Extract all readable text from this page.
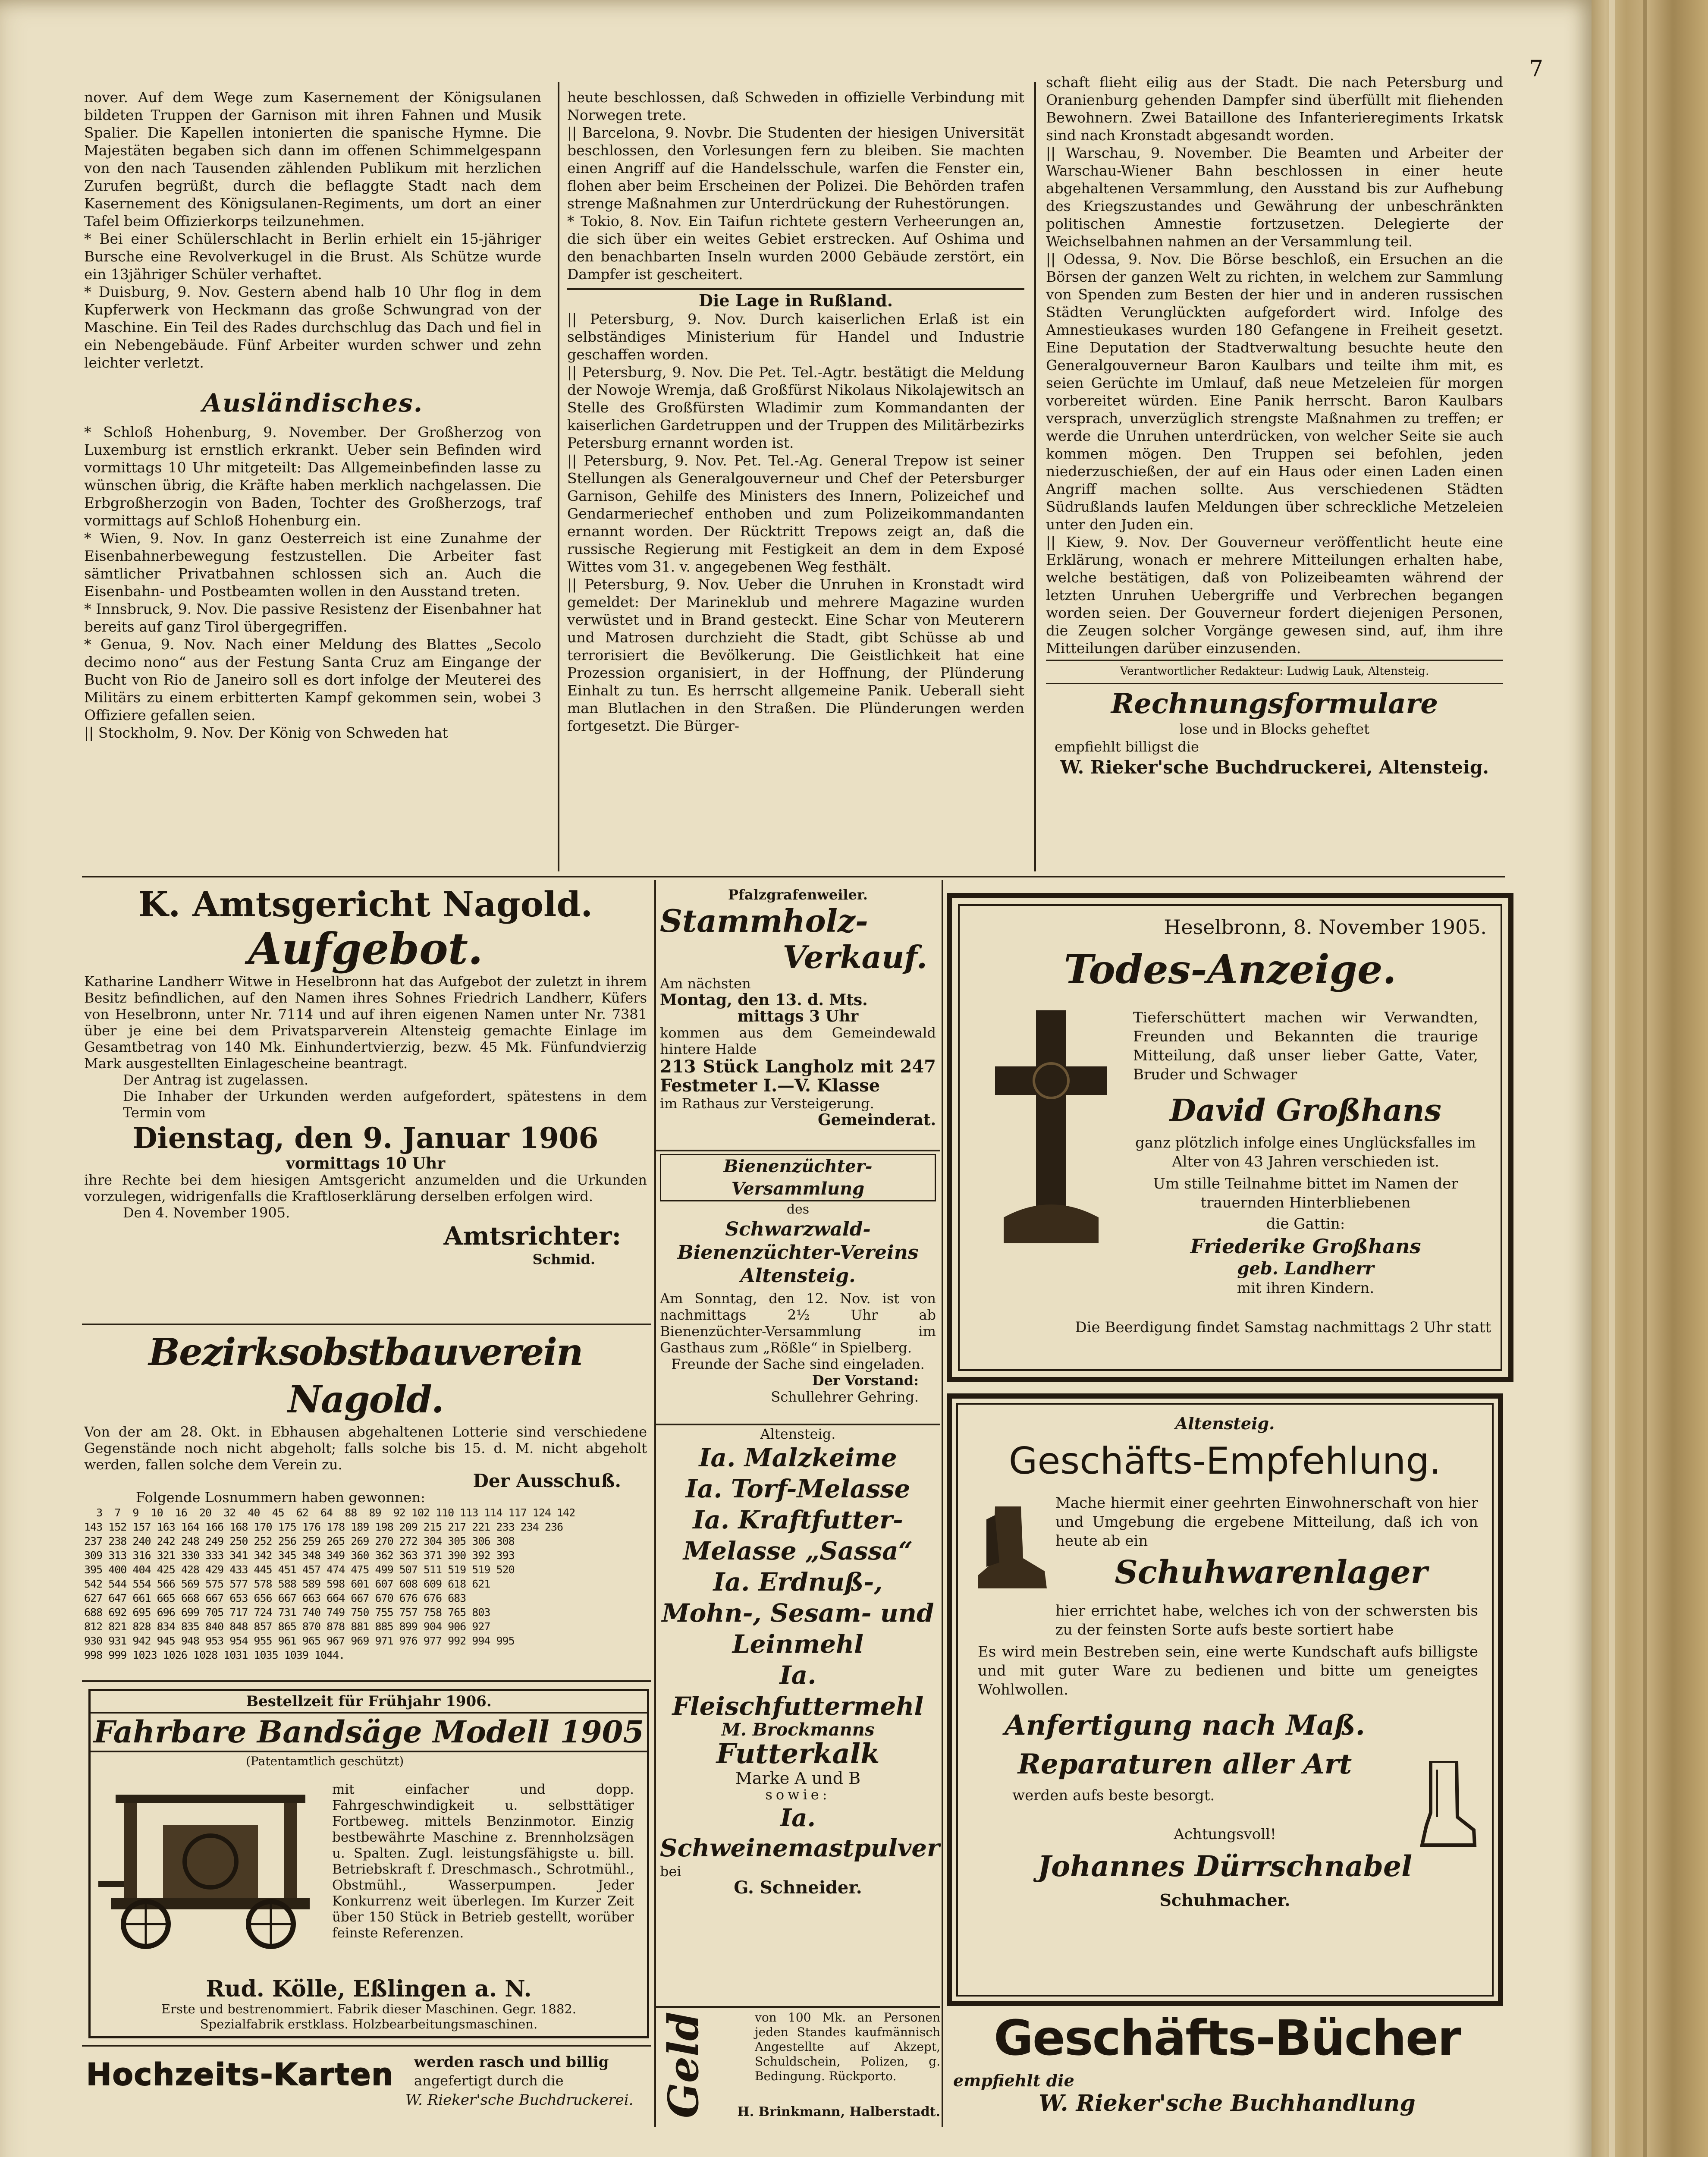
7

nover. Auf dem Wege zum Kasernement der Königsulanen bildeten Truppen der Garnison mit ihren Fahnen und Musik Spalier. Die Kapellen intonierten die spanische Hymne. Die Majestäten begaben sich dann im offenen Schimmelgespann von den nach Tausenden zählenden Publikum mit herzlichen Zurufen begrüßt, durch die beflaggte Stadt nach dem Kasernement des Königsulanen-Regiments, um dort an einer Tafel beim Offizierkorps teilzunehmen.

* Bei einer Schülerschlacht in Berlin erhielt ein 15-jähriger Bursche eine Revolverkugel in die Brust. Als Schütze wurde ein 13jähriger Schüler verhaftet.

* Duisburg, 9. Nov. Gestern abend halb 10 Uhr flog in dem Kupferwerk von Heckmann das große Schwungrad von der Maschine. Ein Teil des Rades durchschlug das Dach und fiel in ein Nebengebäude. Fünf Arbeiter wurden schwer und zehn leichter verletzt.

Ausländisches.

* Schloß Hohenburg, 9. November. Der Großherzog von Luxemburg ist ernstlich erkrankt. Ueber sein Befinden wird vormittags 10 Uhr mitgeteilt: Das Allgemeinbefinden lasse zu wünschen übrig, die Kräfte haben merklich nachgelassen. Die Erbgroßherzogin von Baden, Tochter des Großherzogs, traf vormittags auf Schloß Hohenburg ein.

* Wien, 9. Nov. In ganz Oesterreich ist eine Zunahme der Eisenbahnerbewegung festzustellen. Die Arbeiter fast sämtlicher Privatbahnen schlossen sich an. Auch die Eisenbahn- und Postbeamten wollen in den Ausstand treten.

* Innsbruck, 9. Nov. Die passive Resistenz der Eisenbahner hat bereits auf ganz Tirol übergegriffen.

* Genua, 9. Nov. Nach einer Meldung des Blattes „Secolo decimo nono“ aus der Festung Santa Cruz am Eingange der Bucht von Rio de Janeiro soll es dort infolge der Meuterei des Militärs zu einem erbitterten Kampf gekommen sein, wobei 3 Offiziere gefallen seien.

|| Stockholm, 9. Nov. Der König von Schweden hat

heute beschlossen, daß Schweden in offizielle Verbindung mit Norwegen trete.

|| Barcelona, 9. Novbr. Die Studenten der hiesigen Universität beschlossen, den Vorlesungen fern zu bleiben. Sie machten einen Angriff auf die Handelsschule, warfen die Fenster ein, flohen aber beim Erscheinen der Polizei. Die Behörden trafen strenge Maßnahmen zur Unterdrückung der Ruhestörungen.

* Tokio, 8. Nov. Ein Taifun richtete gestern Verheerungen an, die sich über ein weites Gebiet erstrecken. Auf Oshima und den benachbarten Inseln wurden 2000 Gebäude zerstört, ein Dampfer ist gescheitert.

Die Lage in Rußland.

|| Petersburg, 9. Nov. Durch kaiserlichen Erlaß ist ein selbständiges Ministerium für Handel und Industrie geschaffen worden.

|| Petersburg, 9. Nov. Die Pet. Tel.-Agtr. bestätigt die Meldung der Nowoje Wremja, daß Großfürst Nikolaus Nikolajewitsch an Stelle des Großfürsten Wladimir zum Kommandanten der kaiserlichen Gardetruppen und der Truppen des Militärbezirks Petersburg ernannt worden ist.

|| Petersburg, 9. Nov. Pet. Tel.-Ag. General Trepow ist seiner Stellungen als Generalgouverneur und Chef der Petersburger Garnison, Gehilfe des Ministers des Innern, Polizeichef und Gendarmeriechef enthoben und zum Polizeikommandanten ernannt worden. Der Rücktritt Trepows zeigt an, daß die russische Regierung mit Festigkeit an dem in dem Exposé Wittes vom 31. v. angegebenen Weg festhält.

|| Petersburg, 9. Nov. Ueber die Unruhen in Kronstadt wird gemeldet: Der Marineklub und mehrere Magazine wurden verwüstet und in Brand gesteckt. Eine Schar von Meuterern und Matrosen durchzieht die Stadt, gibt Schüsse ab und terrorisiert die Bevölkerung. Die Geistlichkeit hat eine Prozession organisiert, in der Hoffnung, der Plünderung Einhalt zu tun. Es herrscht allgemeine Panik. Ueberall sieht man Blutlachen in den Straßen. Die Plünderungen werden fortgesetzt. Die Bürger-

schaft flieht eilig aus der Stadt. Die nach Petersburg und Oranienburg gehenden Dampfer sind überfüllt mit fliehenden Bewohnern. Zwei Bataillone des Infanterieregiments Irkatsk sind nach Kronstadt abgesandt worden.

|| Warschau, 9. November. Die Beamten und Arbeiter der Warschau-Wiener Bahn beschlossen in einer heute abgehaltenen Versammlung, den Ausstand bis zur Aufhebung des Kriegszustandes und Gewährung der unbeschränkten politischen Amnestie fortzusetzen. Delegierte der Weichselbahnen nahmen an der Versammlung teil.

|| Odessa, 9. Nov. Die Börse beschloß, ein Ersuchen an die Börsen der ganzen Welt zu richten, in welchem zur Sammlung von Spenden zum Besten der hier und in anderen russischen Städten Verunglückten aufgefordert wird. Infolge des Amnestieukases wurden 180 Gefangene in Freiheit gesetzt. Eine Deputation der Stadtverwaltung besuchte heute den Generalgouverneur Baron Kaulbars und teilte ihm mit, es seien Gerüchte im Umlauf, daß neue Metzeleien für morgen vorbereitet würden. Eine Panik herrscht. Baron Kaulbars versprach, unverzüglich strengste Maßnahmen zu treffen; er werde die Unruhen unterdrücken, von welcher Seite sie auch kommen mögen. Den Truppen sei befohlen, jeden niederzuschießen, der auf ein Haus oder einen Laden einen Angriff machen sollte. Aus verschiedenen Städten Südrußlands laufen Meldungen über schreckliche Metzeleien unter den Juden ein.

|| Kiew, 9. Nov. Der Gouverneur veröffentlicht heute eine Erklärung, wonach er mehrere Mitteilungen erhalten habe, welche bestätigen, daß von Polizeibeamten während der letzten Unruhen Uebergriffe und Verbrechen begangen worden seien. Der Gouverneur fordert diejenigen Personen, die Zeugen solcher Vorgänge gewesen sind, auf, ihm ihre Mitteilungen darüber einzusenden.

Verantwortlicher Redakteur: Ludwig Lauk, Altensteig.
Rechnungsformulare
lose und in Blocks geheftet
empfiehlt billigst die
W. Rieker'sche Buchdruckerei, Altensteig.
K. Amtsgericht Nagold.
Aufgebot.

Katharine Landherr Witwe in Heselbronn hat das Aufgebot der zuletzt in ihrem Besitz befindlichen, auf den Namen ihres Sohnes Friedrich Landherr, Küfers von Heselbronn, unter Nr. 7114 und auf ihren eigenen Namen unter Nr. 7381 über je eine bei dem Privatsparverein Altensteig gemachte Einlage im Gesamtbetrag von 140 Mk. Einhundertvierzig, bezw. 45 Mk. Fünfundvierzig Mark ausgestellten Einlagescheine beantragt.

Der Antrag ist zugelassen.

Die Inhaber der Urkunden werden aufgefordert, spätestens in dem Termin vom

Dienstag, den 9. Januar 1906
vormittags 10 Uhr

ihre Rechte bei dem hiesigen Amtsgericht anzumelden und die Urkunden vorzulegen, widrigenfalls die Kraftloserklärung derselben erfolgen wird.

Den 4. November 1905.

Amtsrichter:
Schmid.
Bezirksobstbauverein Nagold.

Von der am 28. Okt. in Ebhausen abgehaltenen Lotterie sind verschiedene Gegenstände noch nicht abgeholt; falls solche bis 15. d. M. nicht abgeholt werden, fallen solche dem Verein zu.

Der Ausschuß.
Folgende Losnummern haben gewonnen:
3  7  9  10  16  20  32  40  45  62  64  88  89  92 102 110 113 114 117 124 142
143 152 157 163 164 166 168 170 175 176 178 189 198 209 215 217 221 233 234 236
237 238 240 242 248 249 250 252 256 259 265 269 270 272 304 305 306 308
309 313 316 321 330 333 341 342 345 348 349 360 362 363 371 390 392 393
395 400 404 425 428 429 433 445 451 457 474 475 499 507 511 519 519 520
542 544 554 566 569 575 577 578 588 589 598 601 607 608 609 618 621
627 647 661 665 668 667 653 656 667 663 664 667 670 676 676 683
688 692 695 696 699 705 717 724 731 740 749 750 755 757 758 765 803
812 821 828 834 835 840 848 857 865 870 878 881 885 899 904 906 927
930 931 942 945 948 953 954 955 961 965 967 969 971 976 977 992 994 995
998 999 1023 1026 1028 1031 1035 1039 1044.
Bestellzeit für Frühjahr 1906.
Fahrbare Bandsäge Modell 1905
(Patentamtlich geschützt)
mit einfacher und dopp. Fahrgeschwindigkeit u. selbsttätiger Fortbeweg. mittels Benzinmotor. Einzig bestbewährte Maschine z. Brennholzsägen u. Spalten. Zugl. leistungsfähigste u. bill. Betriebskraft f. Dreschmasch., Schrotmühl., Obstmühl., Wasserpumpen. Jeder Konkurrenz weit überlegen. Im Kurzer Zeit über 150 Stück in Betrieb gestellt, worüber feinste Referenzen.
Rud. Kölle, Eßlingen a. N.
Erste und bestrenommiert. Fabrik dieser Maschinen. Gegr. 1882.
Spezialfabrik erstklass. Holzbearbeitungsmaschinen.
Hochzeits-Karten werden rasch und billig
angefertigt durch die
W. Rieker'sche Buchdruckerei.
Pfalzgrafenweiler.
Stammholz-
Verkauf.
Am nächsten
Montag, den 13. d. Mts.
mittags 3 Uhr
kommen aus dem Gemeindewald hintere Halde
213 Stück Langholz mit 247 Festmeter I.—V. Klasse
im Rathaus zur Versteigerung.
Gemeinderat.
Bienenzüchter-Versammlung
des
Schwarzwald-Bienenzüchter-Vereins Altensteig.

Am Sonntag, den 12. Nov. ist von nachmittags 2½ Uhr ab Bienenzüchter-Versammlung im Gasthaus zum „Rößle“ in Spielberg.

Freunde der Sache sind eingeladen.
Der Vorstand:
Schullehrer Gehring.
Altensteig.
Ia. Malzkeime
Ia. Torf-Melasse
Ia. Kraftfutter-Melasse „Sassa“
Ia. Erdnuß-, Mohn-, Sesam- und Leinmehl
Ia. Fleischfuttermehl
M. Brockmanns
Futterkalk
Marke A und B
sowie:
Ia. Schweinemastpulver
bei
G. Schneider.
Geld	von 100 Mk. an Personen jeden Standes kaufmännisch Angestellte auf Akzept, Schuldschein, Polizen, g. Bedingung. Rückporto.
H. Brinkmann, Halberstadt.
Heselbronn, 8. November 1905.
Todes-Anzeige.
Tieferschüttert machen wir Verwandten, Freunden und Bekannten die traurige Mitteilung, daß unser lieber Gatte, Vater, Bruder und Schwager
David Großhans
ganz plötzlich infolge eines Unglücksfalles im Alter von 43 Jahren verschieden ist.
Um stille Teilnahme bittet im Namen der trauernden Hinterbliebenen
die Gattin:
Friederike Großhans
geb. Landherr
mit ihren Kindern.
Die Beerdigung findet Samstag nachmittags 2 Uhr statt
Altensteig.
Geschäfts-Empfehlung.
Mache hiermit einer geehrten Einwohnerschaft von hier und Umgebung die ergebene Mitteilung, daß ich von heute ab ein
Schuhwarenlager
hier errichtet habe, welches ich von der schwersten bis zu der feinsten Sorte aufs beste sortiert habe
Es wird mein Bestreben sein, eine werte Kundschaft aufs billigste und mit guter Ware zu bedienen und bitte um geneigtes Wohlwollen.
Anfertigung nach Maß.
Reparaturen aller Art
werden aufs beste besorgt.
Achtungsvoll!
Johannes Dürrschnabel
Schuhmacher.
Geschäfts-Bücher
empfiehlt die
W. Rieker'sche Buchhandlung
